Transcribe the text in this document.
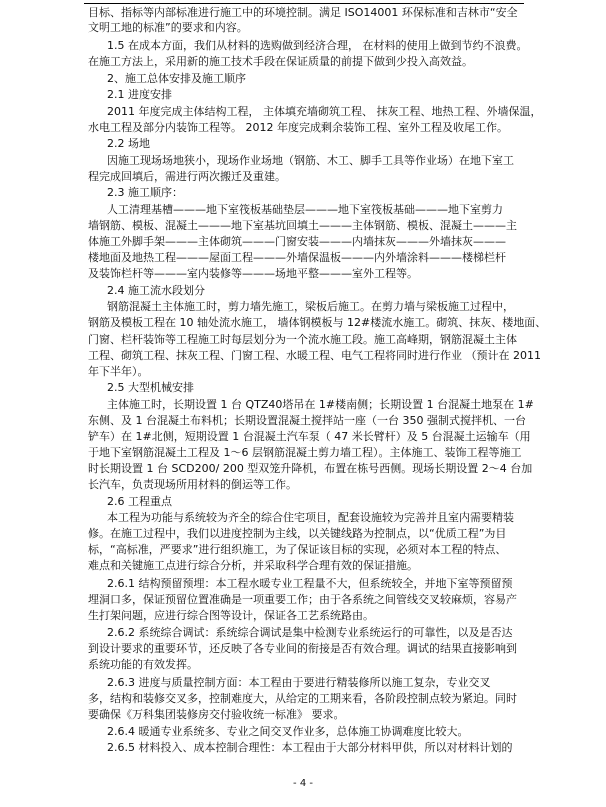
目标、指标等内部标准进行施工中的环境控制。满足 ISO14001 环保标准和吉林市“安全
文明工地的标准”的要求和内容。
1.5 在成本方面，我们从材料的选购做到经济合理， 在材料的使用上做到节约不浪费。
在施工方法上，采用新的施工技术手段在保证质量的前提下做到少投入高效益。
2、施工总体安排及施工顺序
2.1 进度安排
2011 年度完成主体结构工程， 主体填充墙砌筑工程、 抹灰工程、地热工程、外墙保温，
水电工程及部分内装饰工程等。 2012 年度完成剩余装饰工程、室外工程及收尾工作。
2.2 场地
因施工现场场地狭小，现场作业场地（钢筋、木工、脚手工具等作业场）在地下室工
程完成回填后，需进行两次搬迁及重建。
2.3 施工顺序：
人工清理基槽———地下室筏板基础垫层———地下室筏板基础———地下室剪力
墙钢筋、模板、混凝土———地下室基坑回填土———主体钢筋、模板、混凝土———主
体施工外脚手架———主体砌筑———门窗安装———内墙抹灰———外墙抹灰———
楼地面及地热工程———屋面工程———外墙保温板———内外墙涂料———楼梯栏杆
及装饰栏杆等———室内装修等———场地平整———室外工程等。
2.4 施工流水段划分
钢筋混凝土主体施工时，剪力墙先施工，梁板后施工。在剪力墙与梁板施工过程中，
钢筋及模板工程在 10 轴处流水施工， 墙体钢模板与 12#楼流水施工。砌筑、抹灰、楼地面、
门窗、栏杆装饰等工程施工时每层划分为一个流水施工段。施工高峰期，钢筋混凝土主体
工程、砌筑工程、抹灰工程、门窗工程、水暖工程、电气工程将同时进行作业 （预计在 2011
年下半年）。
2.5 大型机械安排
主体施工时，长期设置 1 台 QTZ40塔吊在 1#楼南侧；长期设置 1 台混凝土地泵在 1#
东侧、及 1 台混凝土布料机；长期设置混凝土搅拌站一座（一台 350 强制式搅拌机、一台
铲车）在 1#北侧，短期设置 1 台混凝土汽车泵（ 47 米长臂杆）及 5 台混凝土运输车（用
于地下室钢筋混凝土工程及 1～6 层钢筋混凝土剪力墙工程）。主体施工、装饰工程等施工
时长期设置 1 台 SCD200/ 200 型双笼升降机，布置在栋号西侧。现场长期设置 2～4 台加
长汽车，负责现场所用材料的倒运等工作。
2.6 工程重点
本工程为功能与系统较为齐全的综合住宅项目，配套设施较为完善并且室内需要精装
修。在施工过程中，我们以进度控制为主线，以关键线路为控制点，以“优质工程”为目
标，“高标准，严要求”进行组织施工，为了保证该目标的实现，必须对本工程的特点、
难点和关键施工点进行综合分析，并采取科学合理有效的保证措施。
2.6.1 结构预留预埋：本工程水暖专业工程量不大，但系统较全，并地下室等预留预
埋洞口多，保证预留位置准确是一项重要工作；由于各系统之间管线交叉较麻烦，容易产
生打架问题，应进行综合图等设计，保证各工艺系统路由。
2.6.2 系统综合调试：系统综合调试是集中检测专业系统运行的可靠性，以及是否达
到设计要求的重要环节，还反映了各专业间的衔接是否有效合理。调试的结果直接影响到
系统功能的有效发挥。
2.6.3 进度与质量控制方面：本工程由于要进行精装修所以施工复杂，专业交叉
多，结构和装修交叉多，控制难度大，从给定的工期来看，各阶段控制点较为紧迫。同时
要确保《万科集团装修房交付验收统一标准》 要求。
2.6.4 暖通专业系统多、专业之间交叉作业多，总体施工协调难度比较大。
2.6.5 材料投入、成本控制合理性：本工程由于大部分材料甲供，所以对材料计划的
- 4 -
